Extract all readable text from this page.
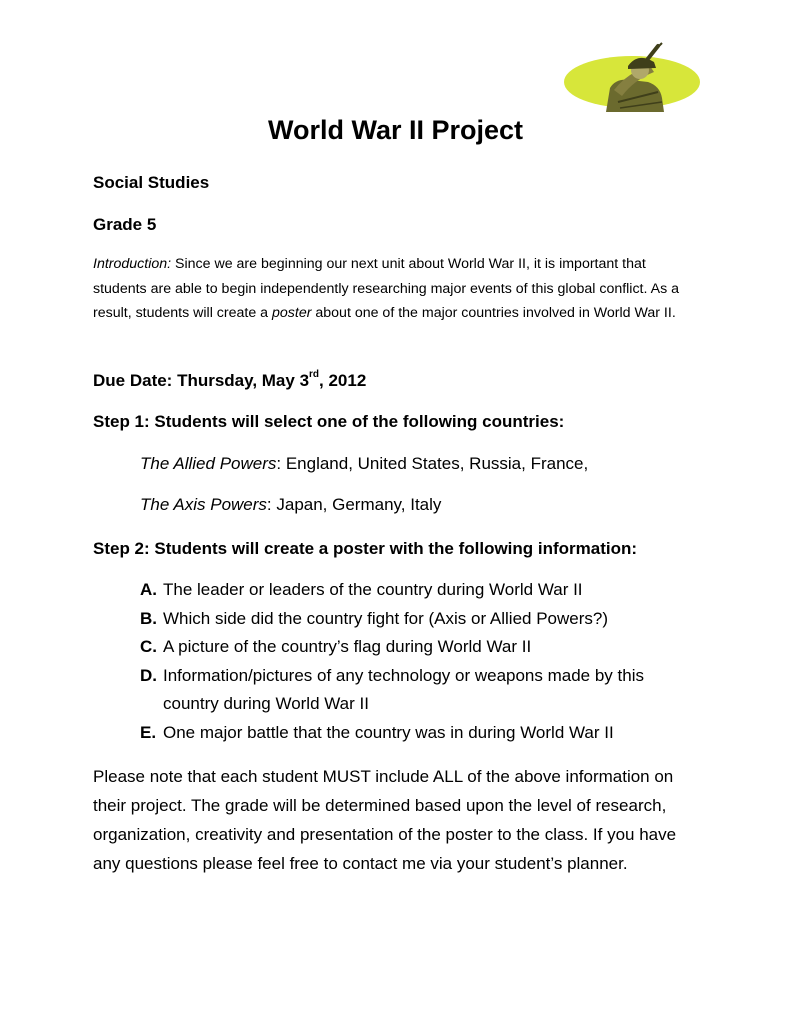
World War II Project
Social Studies
Grade 5
Introduction: Since we are beginning our next unit about World War II, it is important that students are able to begin independently researching major events of this global conflict. As a result, students will create a poster about one of the major countries involved in World War II.
Due Date: Thursday, May 3rd, 2012
Step 1: Students will select one of the following countries:
The Allied Powers: England, United States, Russia, France,
The Axis Powers: Japan, Germany, Italy
Step 2: Students will create a poster with the following information:
A. The leader or leaders of the country during World War II
B. Which side did the country fight for (Axis or Allied Powers?)
C. A picture of the country’s flag during World War II
D. Information/pictures of any technology or weapons made by this country during World War II
E. One major battle that the country was in during World War II
Please note that each student MUST include ALL of the above information on their project. The grade will be determined based upon the level of research, organization, creativity and presentation of the poster to the class. If you have any questions please feel free to contact me via your student’s planner.
